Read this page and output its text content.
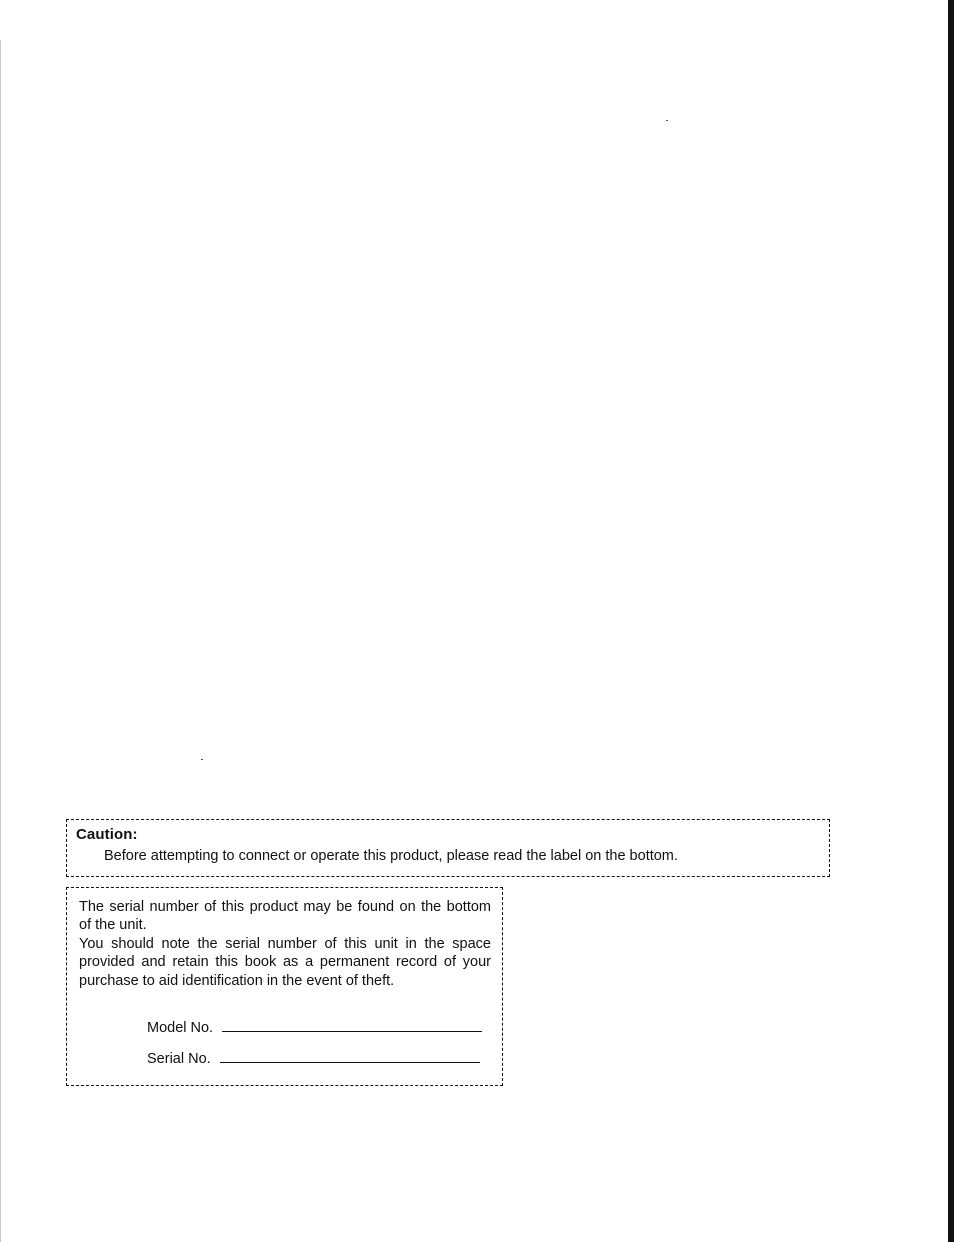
Caution:
Before attempting to connect or operate this product, please read the label on the bottom.

The serial number of this product may be found on the bottom of the unit.

You should note the serial number of this unit in the space provided and retain this book as a permanent record of your purchase to aid identification in the event of theft.

Model No.
Serial No.
